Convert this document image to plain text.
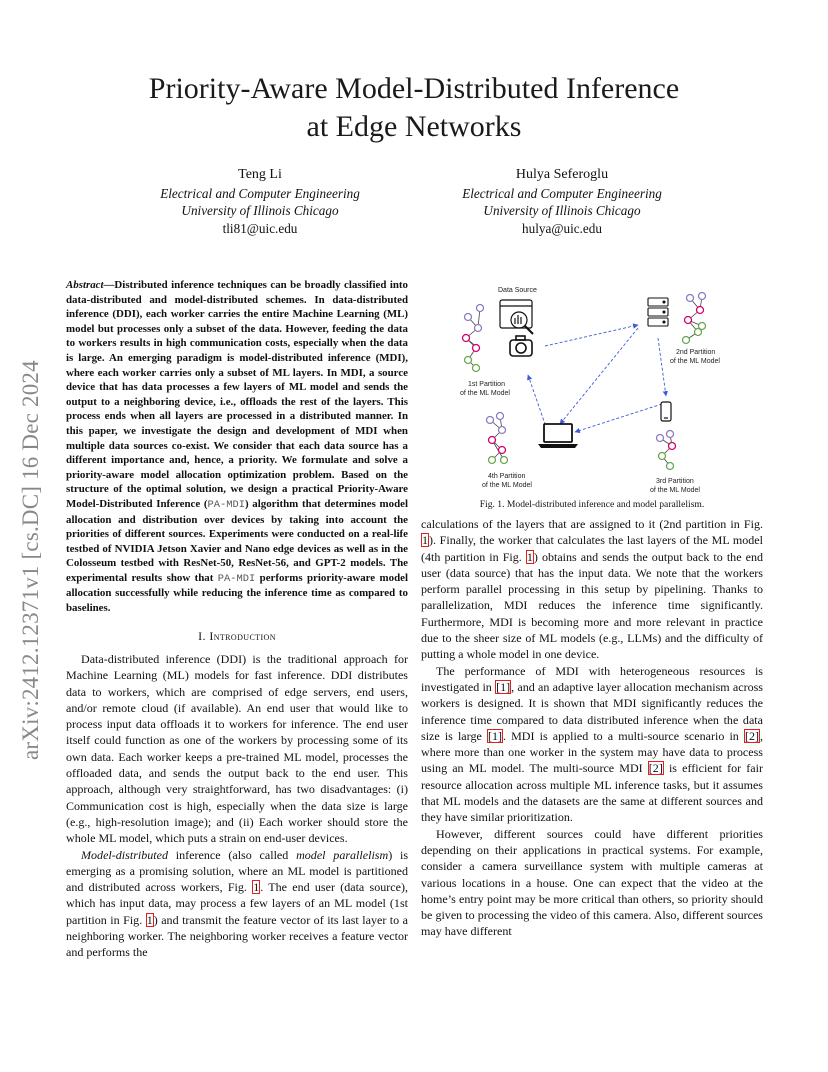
Priority-Aware Model-Distributed Inference
at Edge Networks
Teng Li
Electrical and Computer Engineering
University of Illinois Chicago
tli81@uic.edu
Hulya Seferoglu
Electrical and Computer Engineering
University of Illinois Chicago
hulya@uic.edu
arXiv:2412.12371v1 [cs.DC] 16 Dec 2024
Abstract—Distributed inference techniques can be broadly classified into data-distributed and model-distributed schemes. In data-distributed inference (DDI), each worker carries the entire Machine Learning (ML) model but processes only a subset of the data. However, feeding the data to workers results in high communication costs, especially when the data is large. An emerging paradigm is model-distributed inference (MDI), where each worker carries only a subset of ML layers. In MDI, a source device that has data processes a few layers of ML model and sends the output to a neighboring device, i.e., offloads the rest of the layers. This process ends when all layers are processed in a distributed manner. In this paper, we investigate the design and development of MDI when multiple data sources co-exist. We consider that each data source has a different importance and, hence, a priority. We formulate and solve a priority-aware model allocation optimization problem. Based on the structure of the optimal solution, we design a practical Priority-Aware Model-Distributed Inference (PA-MDI) algorithm that determines model allocation and distribution over devices by taking into account the priorities of different sources. Experiments were conducted on a real-life testbed of NVIDIA Jetson Xavier and Nano edge devices as well as in the Colosseum testbed with ResNet-50, ResNet-56, and GPT-2 models. The experimental results show that PA-MDI performs priority-aware model allocation successfully while reducing the inference time as compared to baselines.
I. Introduction

Data-distributed inference (DDI) is the traditional approach for Machine Learning (ML) models for fast inference. DDI distributes data to workers, which are comprised of edge servers, end users, and/or remote cloud (if available). An end user that would like to process input data offloads it to workers for inference. The end user itself could function as one of the workers by processing some of its own data. Each worker keeps a pre-trained ML model, processes the offloaded data, and sends the output back to the end user. This approach, although very straightforward, has two disadvantages: (i) Communication cost is high, especially when the data size is large (e.g., high-resolution image); and (ii) Each worker should store the whole ML model, which puts a strain on end-user devices.

Model-distributed inference (also called model parallelism) is emerging as a promising solution, where an ML model is partitioned and distributed across workers, Fig. 1. The end user (data source), which has input data, may process a few layers of an ML model (1st partition in Fig. 1) and transmit the feature vector of its last layer to a neighboring worker. The neighboring worker receives a feature vector and performs the

Data Source
1st Partition
of the ML Model
2nd Partition
of the ML Model
4th Partition
of the ML Model
3rd Partition
of the ML Model
Fig. 1. Model-distributed inference and model parallelism.

calculations of the layers that are assigned to it (2nd partition in Fig. 1). Finally, the worker that calculates the last layers of the ML model (4th partition in Fig. 1) obtains and sends the output back to the end user (data source) that has the input data. We note that the workers perform parallel processing in this setup by pipelining. Thanks to parallelization, MDI reduces the inference time significantly. Furthermore, MDI is becoming more and more relevant in practice due to the sheer size of ML models (e.g., LLMs) and the difficulty of putting a whole model in one device.

The performance of MDI with heterogeneous resources is investigated in [1], and an adaptive layer allocation mechanism across workers is designed. It is shown that MDI significantly reduces the inference time compared to data distributed inference when the data size is large [1]. MDI is applied to a multi-source scenario in [2], where more than one worker in the system may have data to process using an ML model. The multi-source MDI [2] is efficient for fair resource allocation across multiple ML inference tasks, but it assumes that ML models and the datasets are the same at different sources and they have similar prioritization.

However, different sources could have different priorities depending on their applications in practical systems. For example, consider a camera surveillance system with multiple cameras at various locations in a house. One can expect that the video at the home’s entry point may be more critical than others, so priority should be given to processing the video of this camera. Also, different sources may have different
